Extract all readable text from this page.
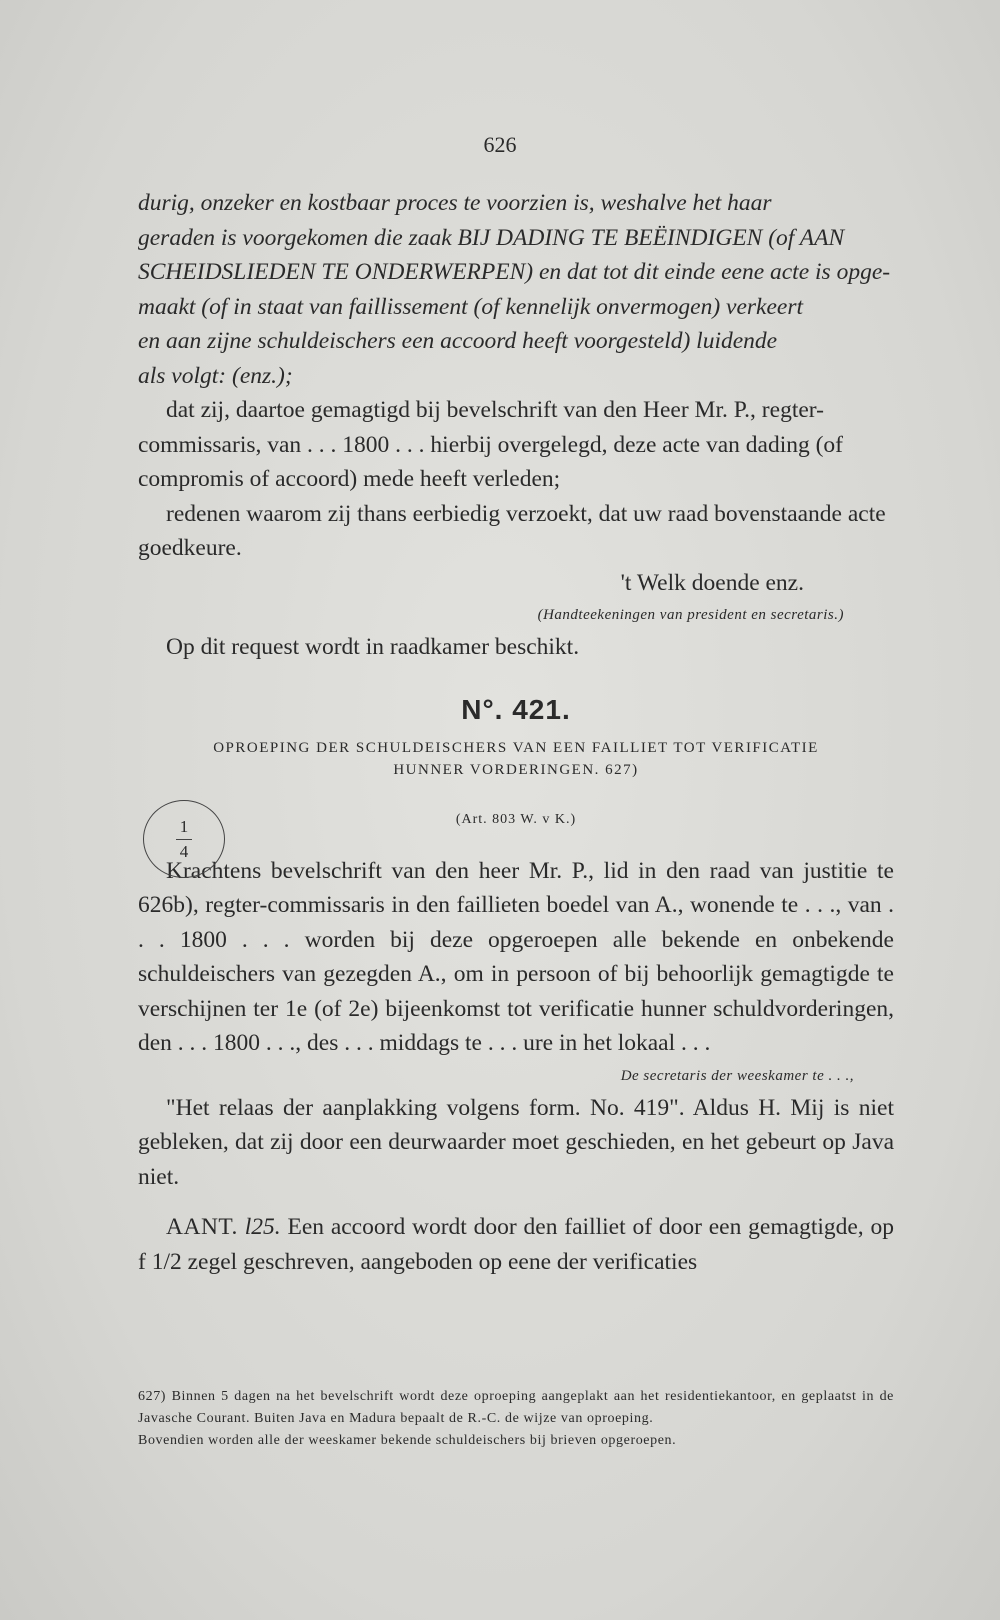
626

durig, onzeker en kostbaar proces te voorzien is, weshalve het haar
geraden is voorgekomen die zaak BIJ DADING TE BEËINDIGEN (of AAN
SCHEIDSLIEDEN TE ONDERWERPEN) en dat tot dit einde eene acte is opge-
maakt (of in staat van faillissement (of kennelijk onvermogen) verkeert
en aan zijne schuldeischers een accoord heeft voorgesteld) luidende
als volgt: (enz.);

dat zij, daartoe gemagtigd bij bevelschrift van den Heer Mr. P., regter-commissaris, van . . . 1800 . . . hierbij overgelegd, deze acte van dading (of compromis of accoord) mede heeft verleden;

redenen waarom zij thans eerbiedig verzoekt, dat uw raad bovenstaande acte goedkeure.

't Welk doende enz.

(Handteekeningen van president en secretaris.)

Op dit request wordt in raadkamer beschikt.

N°. 421.
OPROEPING DER SCHULDEISCHERS VAN EEN FAILLIET TOT VERIFICATIE
HUNNER VORDERINGEN. 627)
(Art. 803 W. v K.)

Krachtens bevelschrift van den heer Mr. P., lid in den raad van justitie te 626b), regter-commissaris in den faillieten boedel van A., wonende te . . ., van . . . 1800 . . . worden bij deze opgeroepen alle bekende en onbekende schuldeischers van gezegden A., om in persoon of bij behoorlijk gemagtigde te verschijnen ter 1e (of 2e) bijeenkomst tot verificatie hunner schuldvorderingen, den . . . 1800 . . ., des . . . middags te . . . ure in het lokaal . . .

De secretaris der weeskamer te . . .,

"Het relaas der aanplakking volgens form. No. 419". Aldus H. Mij is niet gebleken, dat zij door een deurwaarder moet geschieden, en het gebeurt op Java niet.

AANT. l25. Een accoord wordt door den failliet of door een gemagtigde, op f 1/2 zegel geschreven, aangeboden op eene der verificaties

1
4

627) Binnen 5 dagen na het bevelschrift wordt deze oproeping aangeplakt aan het residentiekantoor, en geplaatst in de Javasche Courant. Buiten Java en Madura bepaalt de R.-C. de wijze van oproeping.

Bovendien worden alle der weeskamer bekende schuldeischers bij brieven opgeroepen.
